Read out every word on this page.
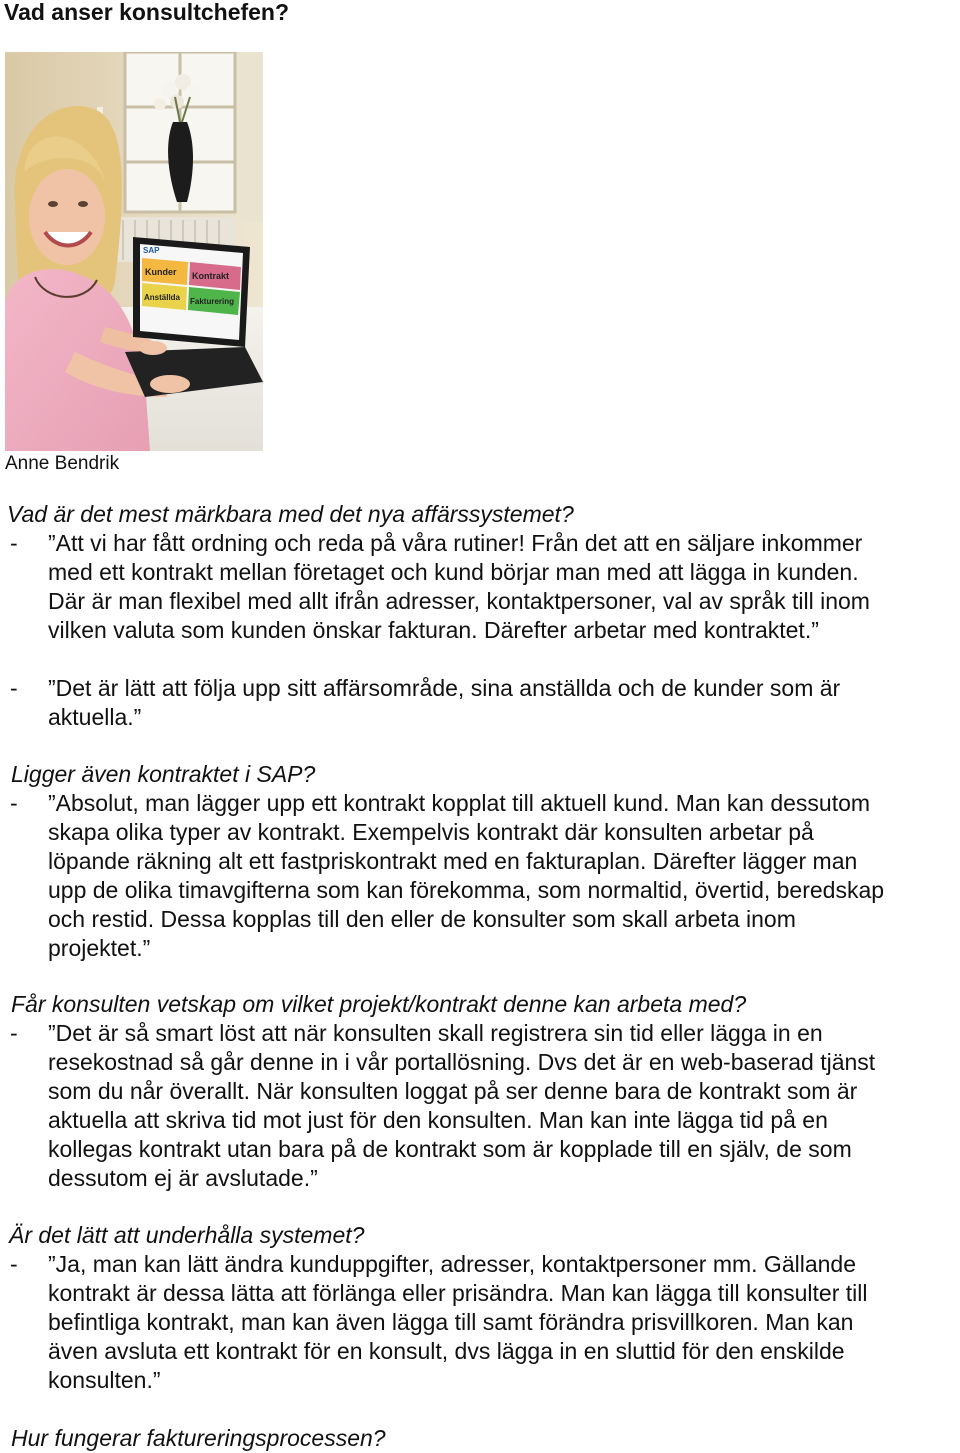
Vad anser konsultchefen?
SAP
Kunder Kontrakt
Anställda Fakturering
Anne Bendrik

Vad är det mest märkbara med det nya affärssystemet?

- ”Att vi har fått ordning och reda på våra rutiner! Från det att en säljare inkommer
med ett kontrakt mellan företaget och kund börjar man med att lägga in kunden.
Där är man flexibel med allt ifrån adresser, kontaktpersoner, val av språk till inom
vilken valuta som kunden önskar fakturan. Därefter arbetar med kontraktet.”
- ”Det är lätt att följa upp sitt affärsområde, sina anställda och de kunder som är
aktuella.”

Ligger även kontraktet i SAP?

- ”Absolut, man lägger upp ett kontrakt kopplat till aktuell kund. Man kan dessutom
skapa olika typer av kontrakt. Exempelvis kontrakt där konsulten arbetar på
löpande räkning alt ett fastpriskontrakt med en fakturaplan. Därefter lägger man
upp de olika timavgifterna som kan förekomma, som normaltid, övertid, beredskap
och restid. Dessa kopplas till den eller de konsulter som skall arbeta inom
projektet.”

Får konsulten vetskap om vilket projekt/kontrakt denne kan arbeta med?

- ”Det är så smart löst att när konsulten skall registrera sin tid eller lägga in en
resekostnad så går denne in i vår portallösning. Dvs det är en web-baserad tjänst
som du når överallt. När konsulten loggat på ser denne bara de kontrakt som är
aktuella att skriva tid mot just för den konsulten. Man kan inte lägga tid på en
kollegas kontrakt utan bara på de kontrakt som är kopplade till en själv, de som
dessutom ej är avslutade.”

Är det lätt att underhålla systemet?

- ”Ja, man kan lätt ändra kunduppgifter, adresser, kontaktpersoner mm. Gällande
kontrakt är dessa lätta att förlänga eller prisändra. Man kan lägga till konsulter till
befintliga kontrakt, man kan även lägga till samt förändra prisvillkoren. Man kan
även avsluta ett kontrakt för en konsult, dvs lägga in en sluttid för den enskilde
konsulten.”

Hur fungerar faktureringsprocessen?
